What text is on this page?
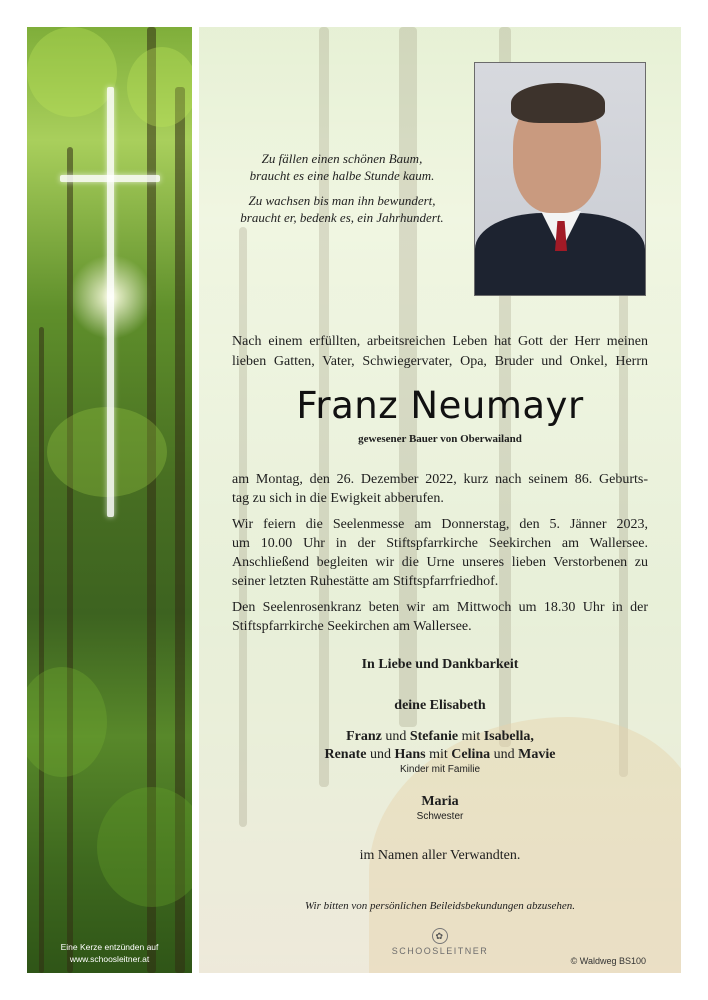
Eine Kerze entzünden auf
www.schoosleitner.at
Zu fällen einen schönen Baum,
braucht es eine halbe Stunde kaum.
Zu wachsen bis man ihn bewundert,
braucht er, bedenk es, ein Jahrhundert.
Nach einem erfüllten, arbeitsreichen Leben hat Gott der Herr meinen
lieben Gatten, Vater, Schwiegervater, Opa, Bruder und Onkel, Herrn
Franz Neumayr
gewesener Bauer von Oberwailand
am Montag, den 26. Dezember 2022, kurz nach seinem 86. Geburts-
tag zu sich in die Ewigkeit abberufen.
Wir feiern die Seelenmesse am Donnerstag, den 5. Jänner 2023,
um 10.00 Uhr in der Stiftspfarrkirche Seekirchen am Wallersee.
Anschließend begleiten wir die Urne unseres lieben Verstorbenen zu
seiner letzten Ruhestätte am Stiftspfarrfriedhof.
Den Seelenrosenkranz beten wir am Mittwoch um 18.30 Uhr in der
Stiftspfarrkirche Seekirchen am Wallersee.
In Liebe und Dankbarkeit
deine Elisabeth
Franz und Stefanie mit Isabella,
Renate und Hans mit Celina und Mavie
Kinder mit Familie
Maria
Schwester
im Namen aller Verwandten.
Wir bitten von persönlichen Beileidsbekundungen abzusehen.
✿
SCHOOSLEITNER
© Waldweg BS100
